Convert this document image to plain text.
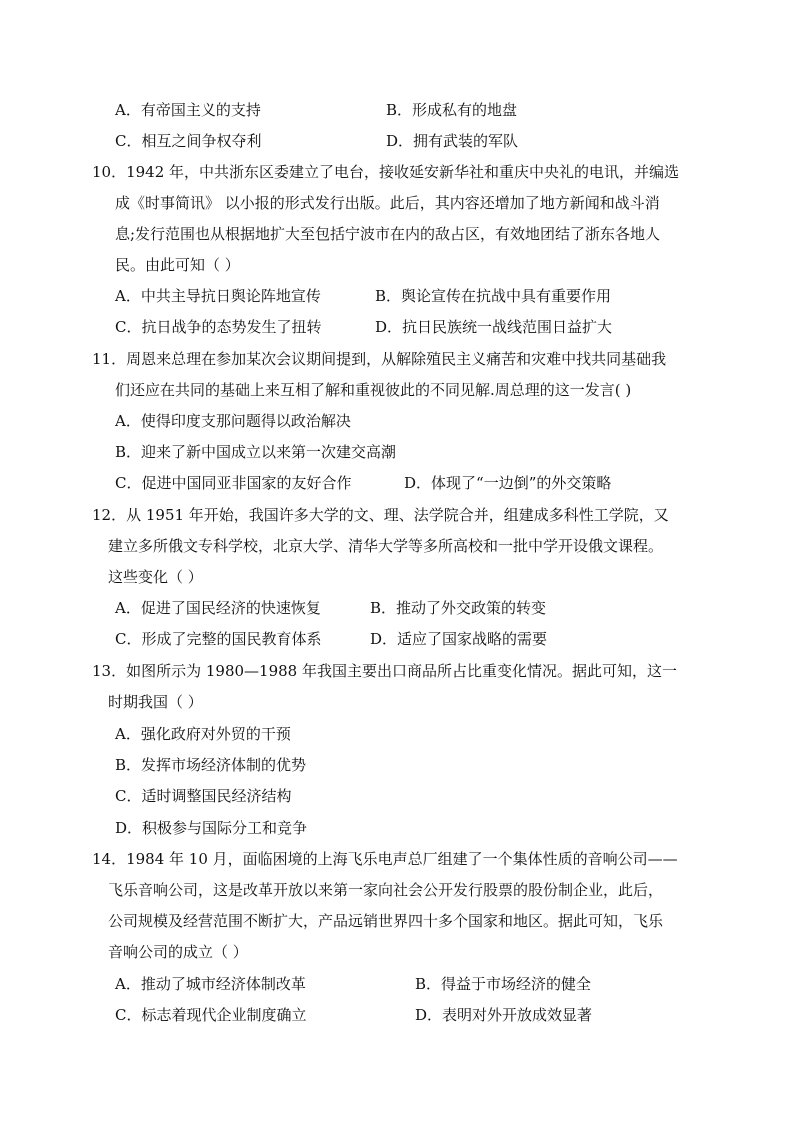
A．有帝国主义的支持	B．形成私有的地盘
C．相互之间争权夺利	D．拥有武装的军队
10．1942 年，中共浙东区委建立了电台，接收延安新华社和重庆中央礼的电讯，并编选
成《时事简讯》 以小报的形式发行出版。此后，其内容还增加了地方新闻和战斗消
息;发行范围也从根据地扩大至包括宁波市在内的敌占区，有效地团结了浙东各地人
民。由此可知（ ）
A．中共主导抗日舆论阵地宣传	B．舆论宣传在抗战中具有重要作用
C．抗日战争的态势发生了扭转	D．抗日民族统一战线范围日益扩大
11．周恩来总理在参加某次会议期间提到，从解除殖民主义痛苦和灾难中找共同基础我
们还应在共同的基础上来互相了解和重视彼此的不同见解.周总理的这一发言( )
A．使得印度支那问题得以政治解决
B．迎来了新中国成立以来第一次建交高潮
C．促进中国同亚非国家的友好合作	D．体现了“一边倒”的外交策略
12．从 1951 年开始，我国许多大学的文、理、法学院合并，组建成多科性工学院，又
建立多所俄文专科学校，北京大学、清华大学等多所高校和一批中学开设俄文课程。
这些变化（ ）
A．促进了国民经济的快速恢复	B．推动了外交政策的转变
C．形成了完整的国民教育体系	D．适应了国家战略的需要
13．如图所示为 1980—1988 年我国主要出口商品所占比重变化情况。据此可知，这一
时期我国（ ）
A．强化政府对外贸的干预
B．发挥市场经济体制的优势
C．适时调整国民经济结构
D．积极参与国际分工和竞争
14．1984 年 10 月，面临困境的上海飞乐电声总厂组建了一个集体性质的音响公司——
飞乐音响公司，这是改革开放以来第一家向社会公开发行股票的股份制企业，此后，
公司规模及经营范围不断扩大，产品远销世界四十多个国家和地区。据此可知，飞乐
音响公司的成立（ ）
A．推动了城市经济体制改革	B．得益于市场经济的健全
C．标志着现代企业制度确立	D．表明对外开放成效显著
